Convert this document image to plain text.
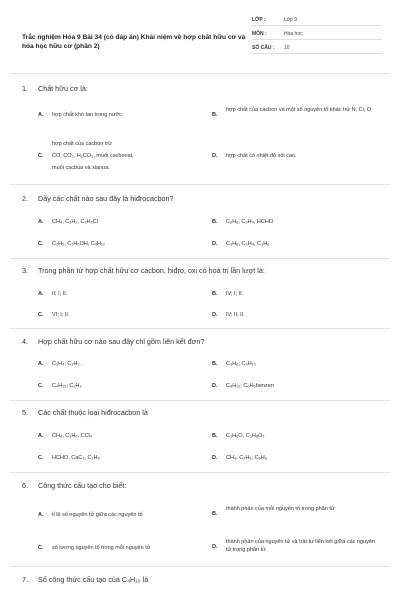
Trắc nghiệm Hóa 9 Bài 34 (có đáp án) Khái niệm về hợp chất hữu cơ và hóa học hữu cơ (phần 2)
LỚP :	Lớp 9
MÔN :	Hóa học
SỐ CÂU : 10
1. Chất hữu cơ là:
A. hợp chất khó tan trong nước.	B.
hợp chất của cacbon và một số nguyên tố khác trừ N, Cl, O
C.
hợp chất của cacbon trừ
CO, CO₂, H₂CO₃, muối cacbonat,
muối cacbua và xianua.
D. hợp chất có nhiệt độ sôi cao.
2. Dãy các chất nào sau đây là hiđrocacbon?
A. CH₄, C₂H₂, C₂H₅Cl	B. C₆H₆, C₃H₄, HCHO
C. C₂H₂, C₂H₅OH, C₆H₁₂	D. C₃H₈, C₃H₄, C₃H₆
3. Trong phân tử hợp chất hữu cơ cacbon, hiđro, oxi có hoá trị lần lượt là:
A. II; I; II.	B. IV; I; II.
C. VI; I; II.	D. IV; II; II.
4. Hợp chất hữu cơ nào sau đây chỉ gồm liên kết đơn?
A. C₂H₄; C₂H₂ .	B. C₃H₈; C₄H₁₀
C. C₄H₁₀; C₂H₂	D. C₄H₁₀; C₆H₆benzen
5. Các chất thuộc loại hiđrocacbon là
A. CH₄, C₂H₆, CCl₄	B. C₂H₆O, C₃H₈O₂
C. HCHO, CaC₂, C₂H₆	D. CH₄, C₂H₆, C₆H₆
6. Công thức cấu tạo cho biết:
A. tỉ lệ số nguyên tử giữa các nguyên tố	B.
thành phần của mỗi nguyên tố trong phân tử
C. số lượng nguyên tố trong mỗi nguyên tử	D.
thành phần của nguyên tử và trật tự liên kết giữa các nguyên tử trong phân tử
7. Số công thức cấu tạo của C₄H₁₀ là
